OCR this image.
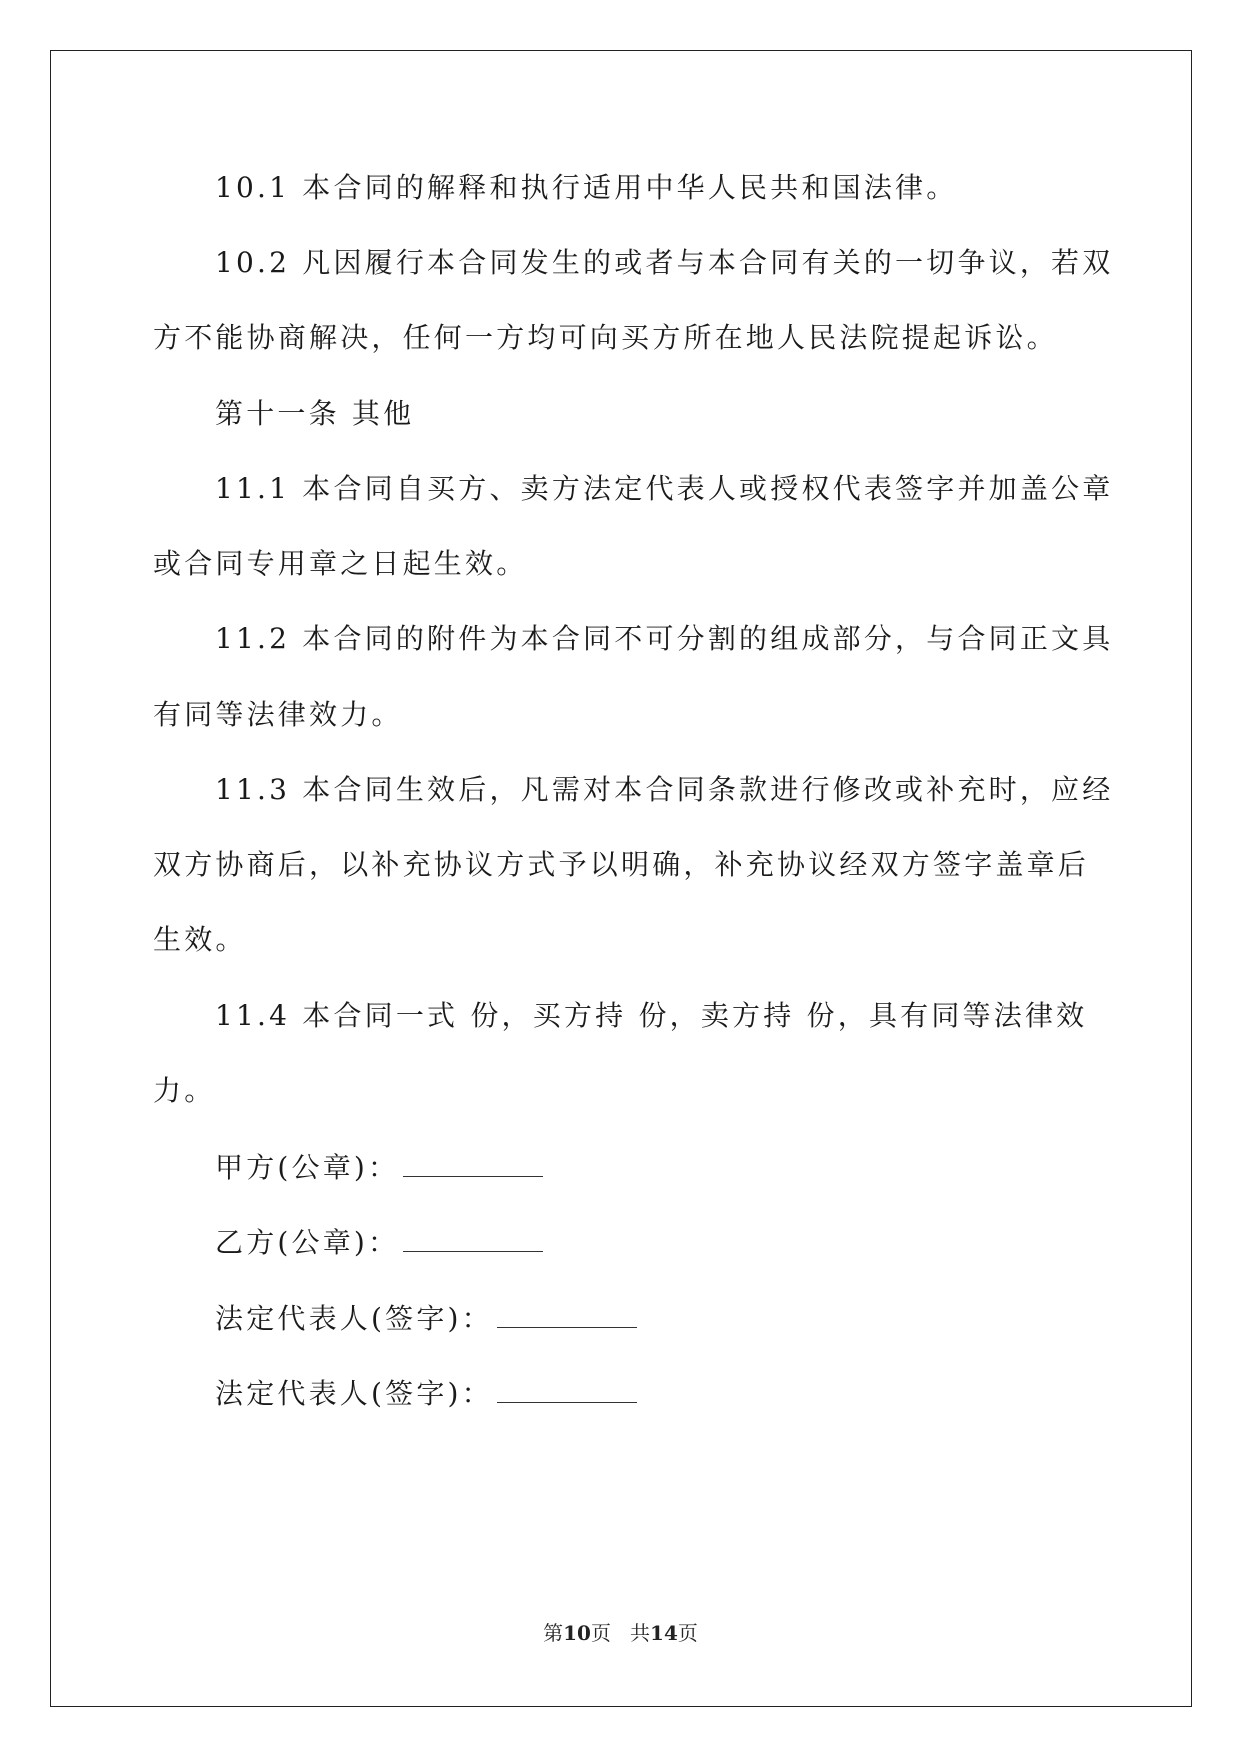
10.1 本合同的解释和执行适用中华人民共和国法律。

10.2 凡因履行本合同发生的或者与本合同有关的一切争议，若双

方不能协商解决，任何一方均可向买方所在地人民法院提起诉讼。

第十一条 其他

11.1 本合同自买方、卖方法定代表人或授权代表签字并加盖公章

或合同专用章之日起生效。

11.2 本合同的附件为本合同不可分割的组成部分，与合同正文具

有同等法律效力。

11.3 本合同生效后，凡需对本合同条款进行修改或补充时，应经

双方协商后，以补充协议方式予以明确，补充协议经双方签字盖章后

生效。

11.4 本合同一式 份，买方持 份，卖方持 份，具有同等法律效

力。

甲方(公章)：

乙方(公章)：

法定代表人(签字)：

法定代表人(签字)：

第10页 共14页
